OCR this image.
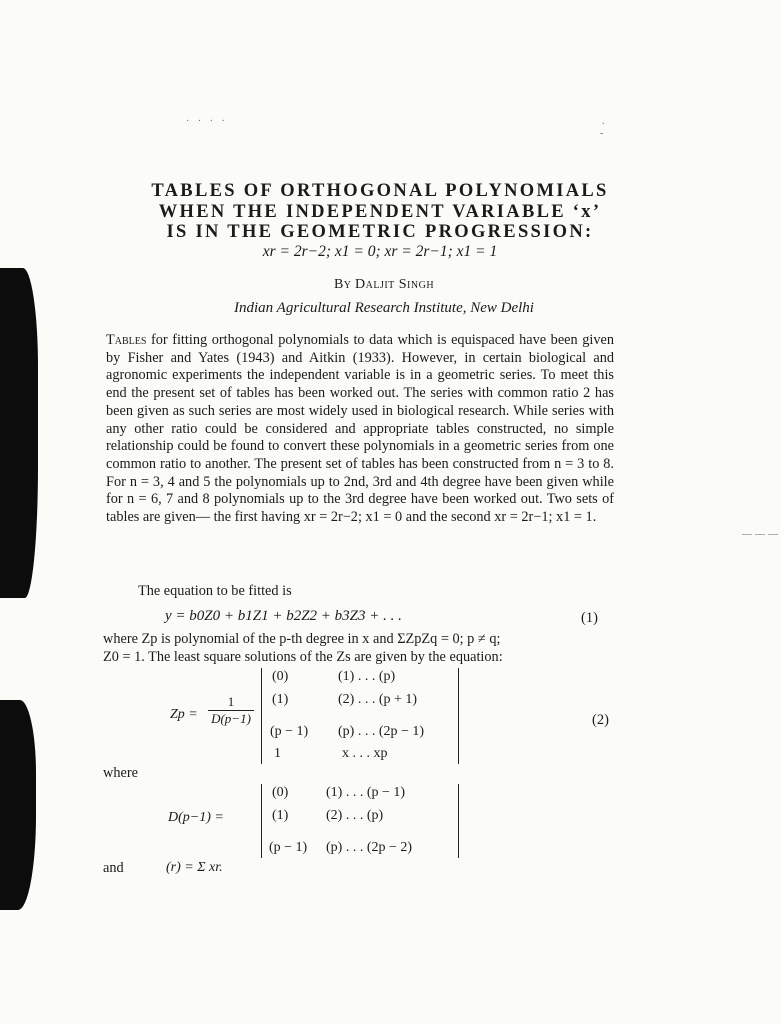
· · · ·	.
-
———
TABLES OF ORTHOGONAL POLYNOMIALS
WHEN THE INDEPENDENT VARIABLE ‘x’
IS IN THE GEOMETRIC PROGRESSION:
xr = 2r−2; x1 = 0; xr = 2r−1; x1 = 1
By Daljit Singh
Indian Agricultural Research Institute, New Delhi

Tables for fitting orthogonal polynomials to data which is equispaced have been given by Fisher and Yates (1943) and Aitkin (1933). However, in certain biological and agronomic experiments the independent variable is in a geometric series. To meet this end the present set of tables has been worked out. The series with common ratio 2 has been given as such series are most widely used in biological research. While series with any other ratio could be considered and appropriate tables constructed, no simple relationship could be found to convert these polynomials in a geometric series from one common ratio to another. The present set of tables has been constructed from n = 3 to 8. For n = 3, 4 and 5 the polynomials up to 2nd, 3rd and 4th degree have been given while for n = 6, 7 and 8 polynomials up to the 3rd degree have been worked out. Two sets of tables are given— the first having xr = 2r−2; x1 = 0 and the second xr = 2r−1; x1 = 1.

The equation to be fitted is
y = b0Z0 + b1Z1 + b2Z2 + b3Z3 + . . .	(1)
where Zp is polynomial of the p-th degree in x and ΣZpZq = 0; p ≠ q;
Z0 = 1. The least square solutions of the Zs are given by the equation:
$Zp = \frac{1}{D(p-1)}$
(0)	(1) . . . (p)
(1)	(2) . . . (p + 1)
(p − 1) (p) . . . (2p − 1)
1	x . . . xp
(2)
where
D(p−1) =
(0)	(1) . . . (p − 1)
(1)	(2) . . . (p)
(p − 1) (p) . . . (2p − 2)
and	(r) = Σ xr.
